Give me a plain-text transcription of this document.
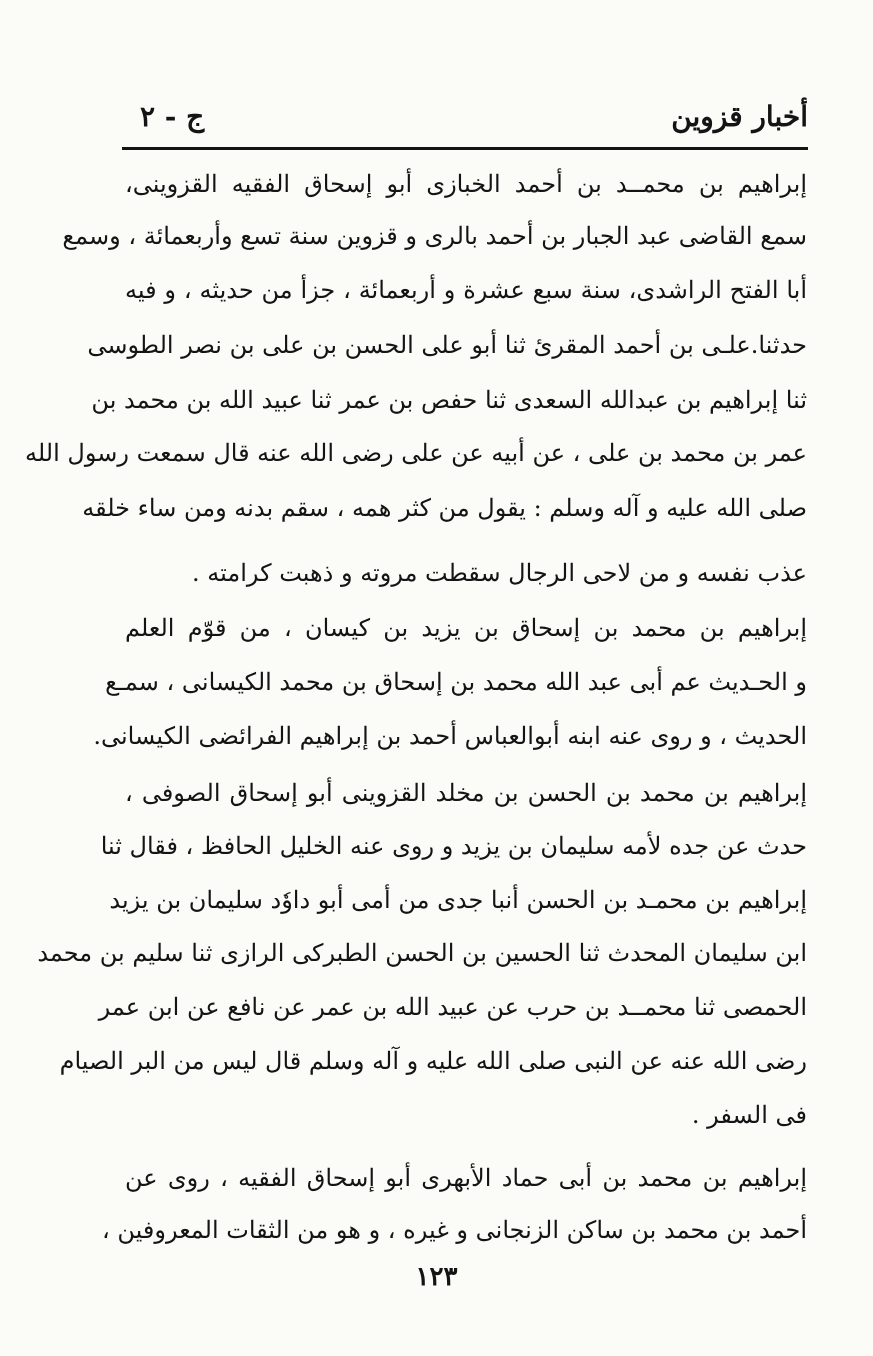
أخبار قزوين
ج - ٢
إبراهيم بن محمــد بن أحمد الخبازى أبو إسحاق الفقيه القزوينى،
سمع القاضى عبد الجبار بن أحمد بالرى و قزوين سنة تسع وأربعمائة ، وسمع
أبا الفتح الراشدى، سنة سبع عشرة و أربعمائة ، جزأ من حديثه ، و فيه
حدثنا.علـى بن أحمد المقرئ ثنا أبو على الحسن بن على بن نصر الطوسى
ثنا إبراهيم بن عبدالله السعدى ثنا حفص بن عمر ثنا عبيد الله بن محمد بن
عمر بن محمد بن على ، عن أبيه عن على رضى الله عنه قال سمعت رسول الله
صلى الله عليه و آله وسلم : يقول من كثر همه ، سقم بدنه ومن ساء خلقه
عذب نفسه و من لاحى الرجال سقطت مروته و ذهبت كرامته .
إبراهيم بن محمد بن إسحاق بن يزيد بن كيسان ، من قوّم العلم
و الحـديث عم أبى عبد الله محمد بن إسحاق بن محمد الكيسانى ، سمـع
الحديث ، و روى عنه ابنه أبوالعباس أحمد بن إبراهيم الفرائضى الكيسانى.
إبراهيم بن محمد بن الحسن بن مخلد القزوينى أبو إسحاق الصوفى ،
حدث عن جده لأمه سليمان بن يزيد و روى عنه الخليل الحافظ ، فقال ثنا
إبراهيم بن محمـد بن الحسن أنبا جدى من أمى أبو داوٗد سليمان بن يزيد
ابن سليمان المحدث ثنا الحسين بن الحسن الطبركى الرازى ثنا سليم بن محمد
الحمصى ثنا محمــد بن حرب عن عبيد الله بن عمر عن نافع عن ابن عمر
رضى الله عنه عن النبى صلى الله عليه و آله وسلم قال ليس من البر الصيام
فى السفر .
إبراهيم بن محمد بن أبى حماد الأبهرى أبو إسحاق الفقيه ، روى عن
أحمد بن محمد بن ساكن الزنجانى و غيره ، و هو من الثقات المعروفين ،
١٢٣
